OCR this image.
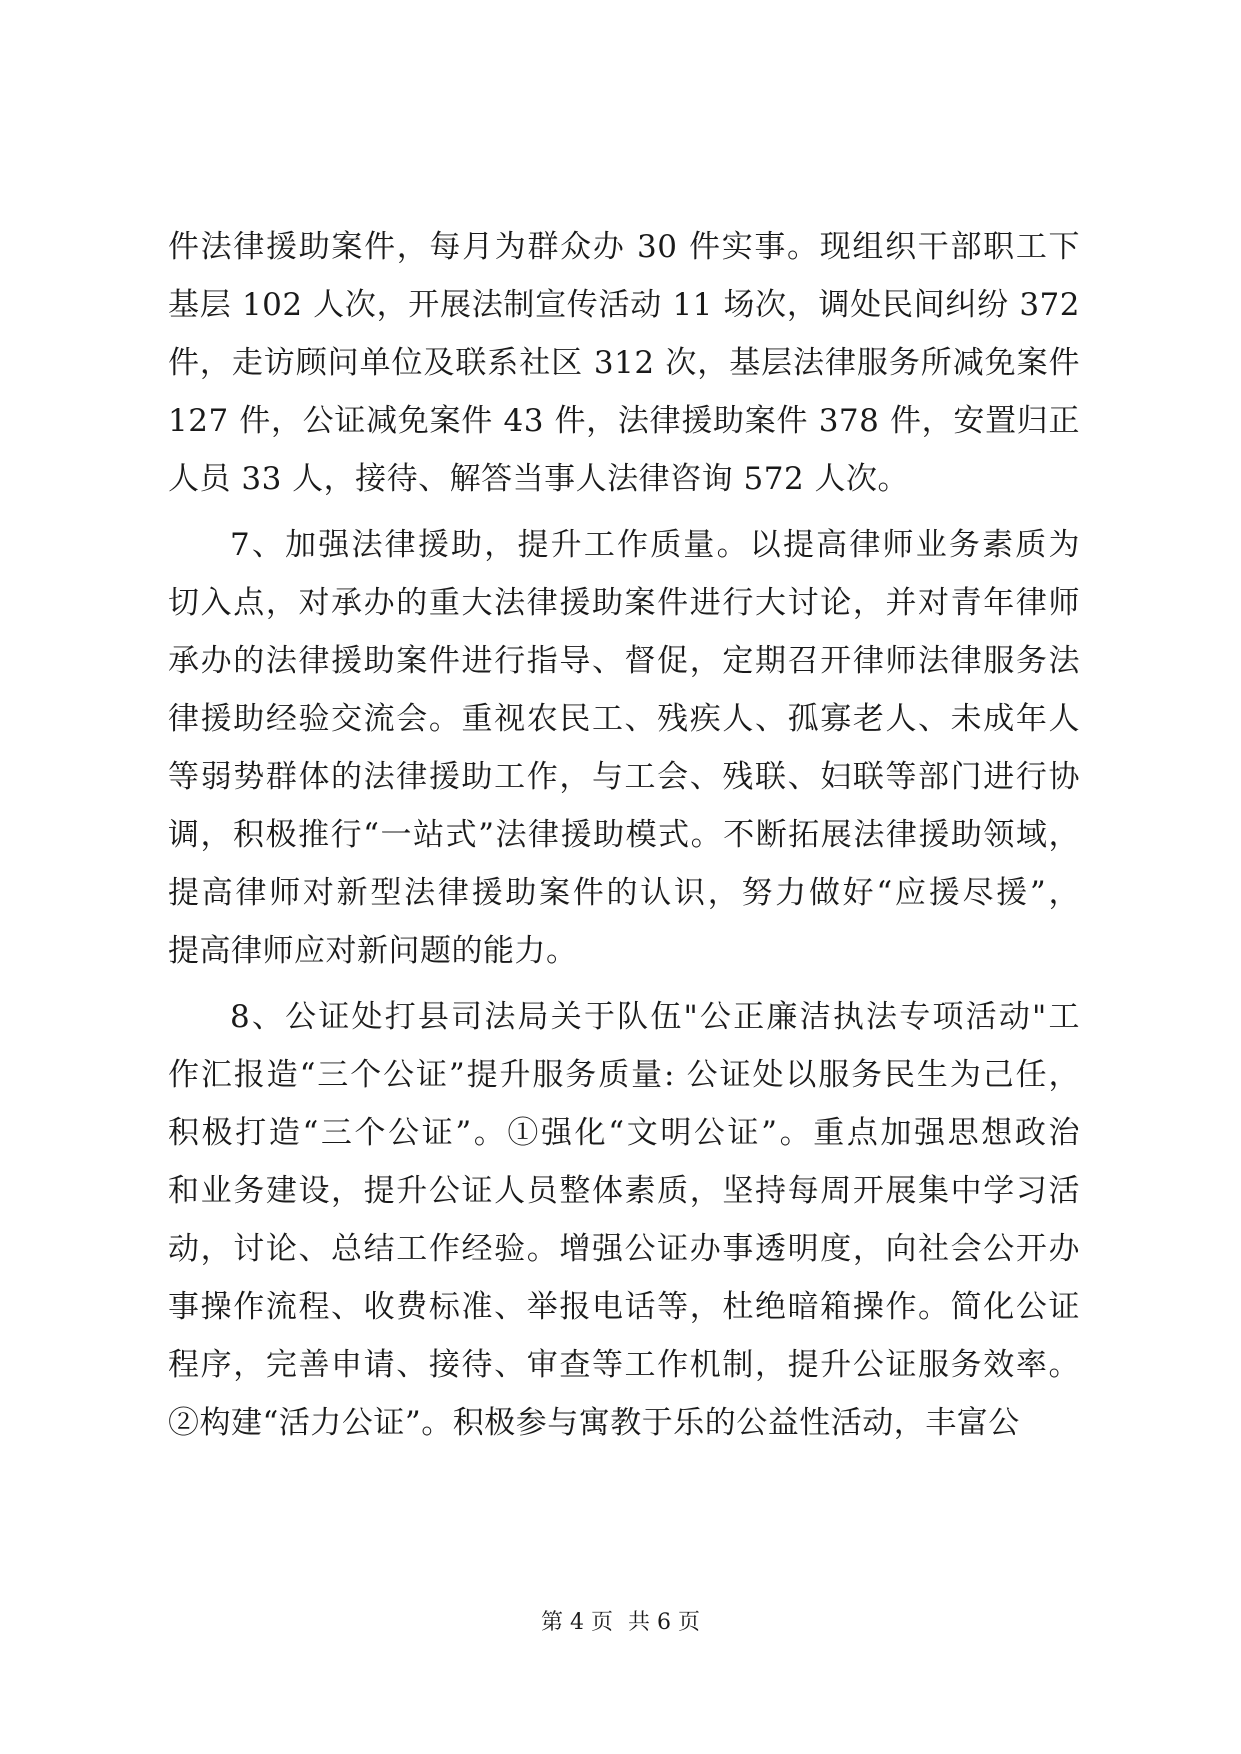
件法律援助案件，每月为群众办 30 件实事。现组织干部职工下
基层 102 人次，开展法制宣传活动 11 场次，调处民间纠纷 372
件，走访顾问单位及联系社区 312 次，基层法律服务所减免案件
127 件，公证减免案件 43 件，法律援助案件 378 件，安置归正
人员 33 人，接待、解答当事人法律咨询 572 人次。
7、加强法律援助，提升工作质量。以提高律师业务素质为
切入点，对承办的重大法律援助案件进行大讨论，并对青年律师
承办的法律援助案件进行指导、督促，定期召开律师法律服务法
律援助经验交流会。重视农民工、残疾人、孤寡老人、未成年人
等弱势群体的法律援助工作，与工会、残联、妇联等部门进行协
调，积极推行“一站式”法律援助模式。不断拓展法律援助领域，
提高律师对新型法律援助案件的认识，努力做好“应援尽援”，
提高律师应对新问题的能力。
8、公证处打县司法局关于队伍"公正廉洁执法专项活动"工
作汇报造“三个公证”提升服务质量: 公证处以服务民生为己任，
积极打造“三个公证”。①强化“文明公证”。重点加强思想政治
和业务建设，提升公证人员整体素质，坚持每周开展集中学习活
动，讨论、总结工作经验。增强公证办事透明度，向社会公开办
事操作流程、收费标准、举报电话等，杜绝暗箱操作。简化公证
程序，完善申请、接待、审查等工作机制，提升公证服务效率。
②构建“活力公证”。积极参与寓教于乐的公益性活动，丰富公
第 4 页 共 6 页
